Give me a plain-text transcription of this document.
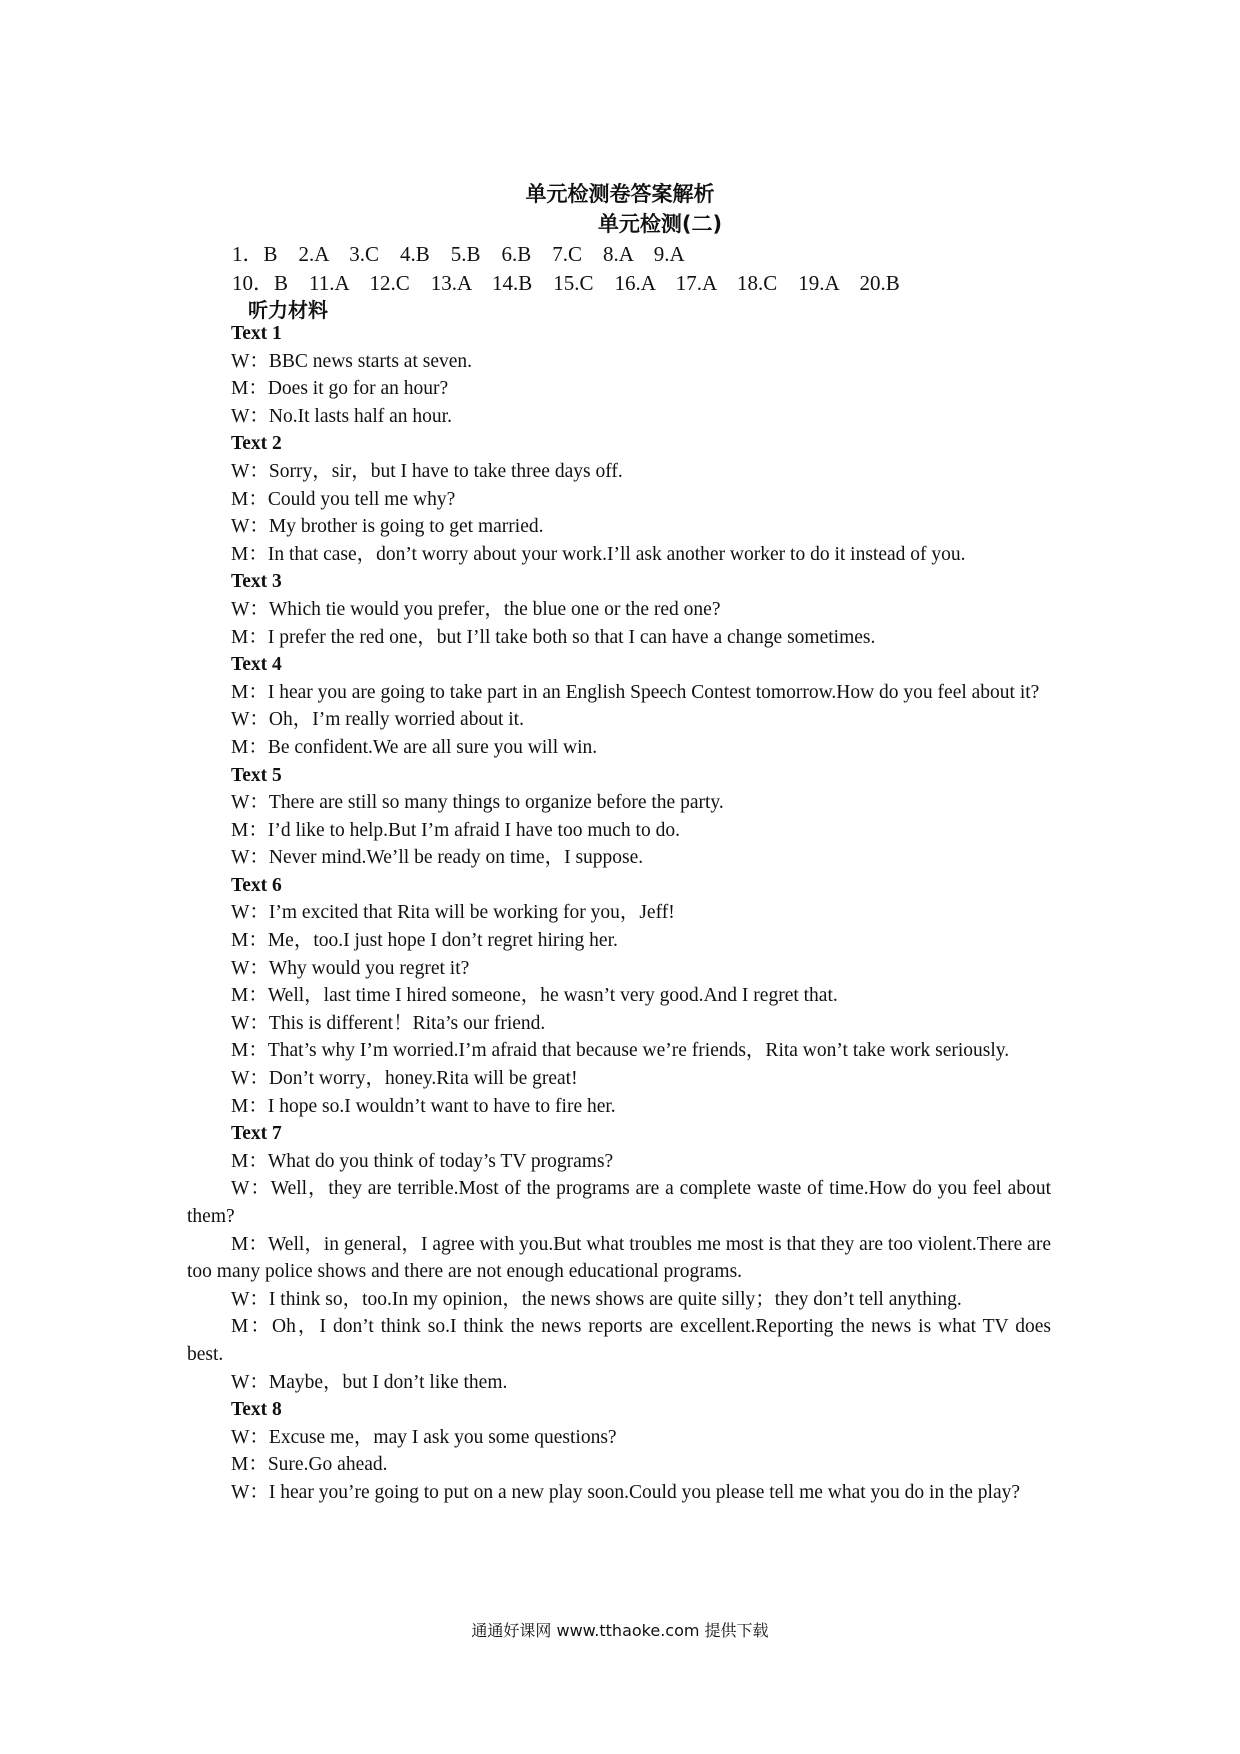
单元检测卷答案解析
单元检测(二)
1．B    2.A    3.C    4.B    5.B    6.B    7.C    8.A    9.A
10．B    11.A    12.C    13.A    14.B    15.C    16.A    17.A    18.C    19.A    20.B
听力材料

Text 1

W：BBC news starts at seven.

M：Does it go for an hour?

W：No.It lasts half an hour.

Text 2

W：Sorry，sir，but I have to take three days off.

M：Could you tell me why?

W：My brother is going to get married.

M：In that case，don’t worry about your work.I’ll ask another worker to do it instead of you.

Text 3

W：Which tie would you prefer，the blue one or the red one?

M：I prefer the red one，but I’ll take both so that I can have a change sometimes.

Text 4

M：I hear you are going to take part in an English Speech Contest tomorrow.How do you feel about it?

W：Oh，I’m really worried about it.

M：Be confident.We are all sure you will win.

Text 5

W：There are still so many things to organize before the party.

M：I’d like to help.But I’m afraid I have too much to do.

W：Never mind.We’ll be ready on time，I suppose.

Text 6

W：I’m excited that Rita will be working for you，Jeff!

M：Me，too.I just hope I don’t regret hiring her.

W：Why would you regret it?

M：Well，last time I hired someone，he wasn’t very good.And I regret that.

W：This is different！Rita’s our friend.

M：That’s why I’m worried.I’m afraid that because we’re friends，Rita won’t take work seriously.

W：Don’t worry，honey.Rita will be great!

M：I hope so.I wouldn’t want to have to fire her.

Text 7

M：What do you think of today’s TV programs?

W：Well，they are terrible.Most of the programs are a complete waste of time.How do you feel about them?

M：Well，in general，I agree with you.But what troubles me most is that they are too violent.There are too many police shows and there are not enough educational programs.

W：I think so，too.In my opinion，the news shows are quite silly；they don’t tell anything.

M：Oh，I don’t think so.I think the news reports are excellent.Reporting the news is what TV does best.

W：Maybe，but I don’t like them.

Text 8

W：Excuse me，may I ask you some questions?

M：Sure.Go ahead.

W：I hear you’re going to put on a new play soon.Could you please tell me what you do in the play?

通通好课网 www.tthaoke.com 提供下载
